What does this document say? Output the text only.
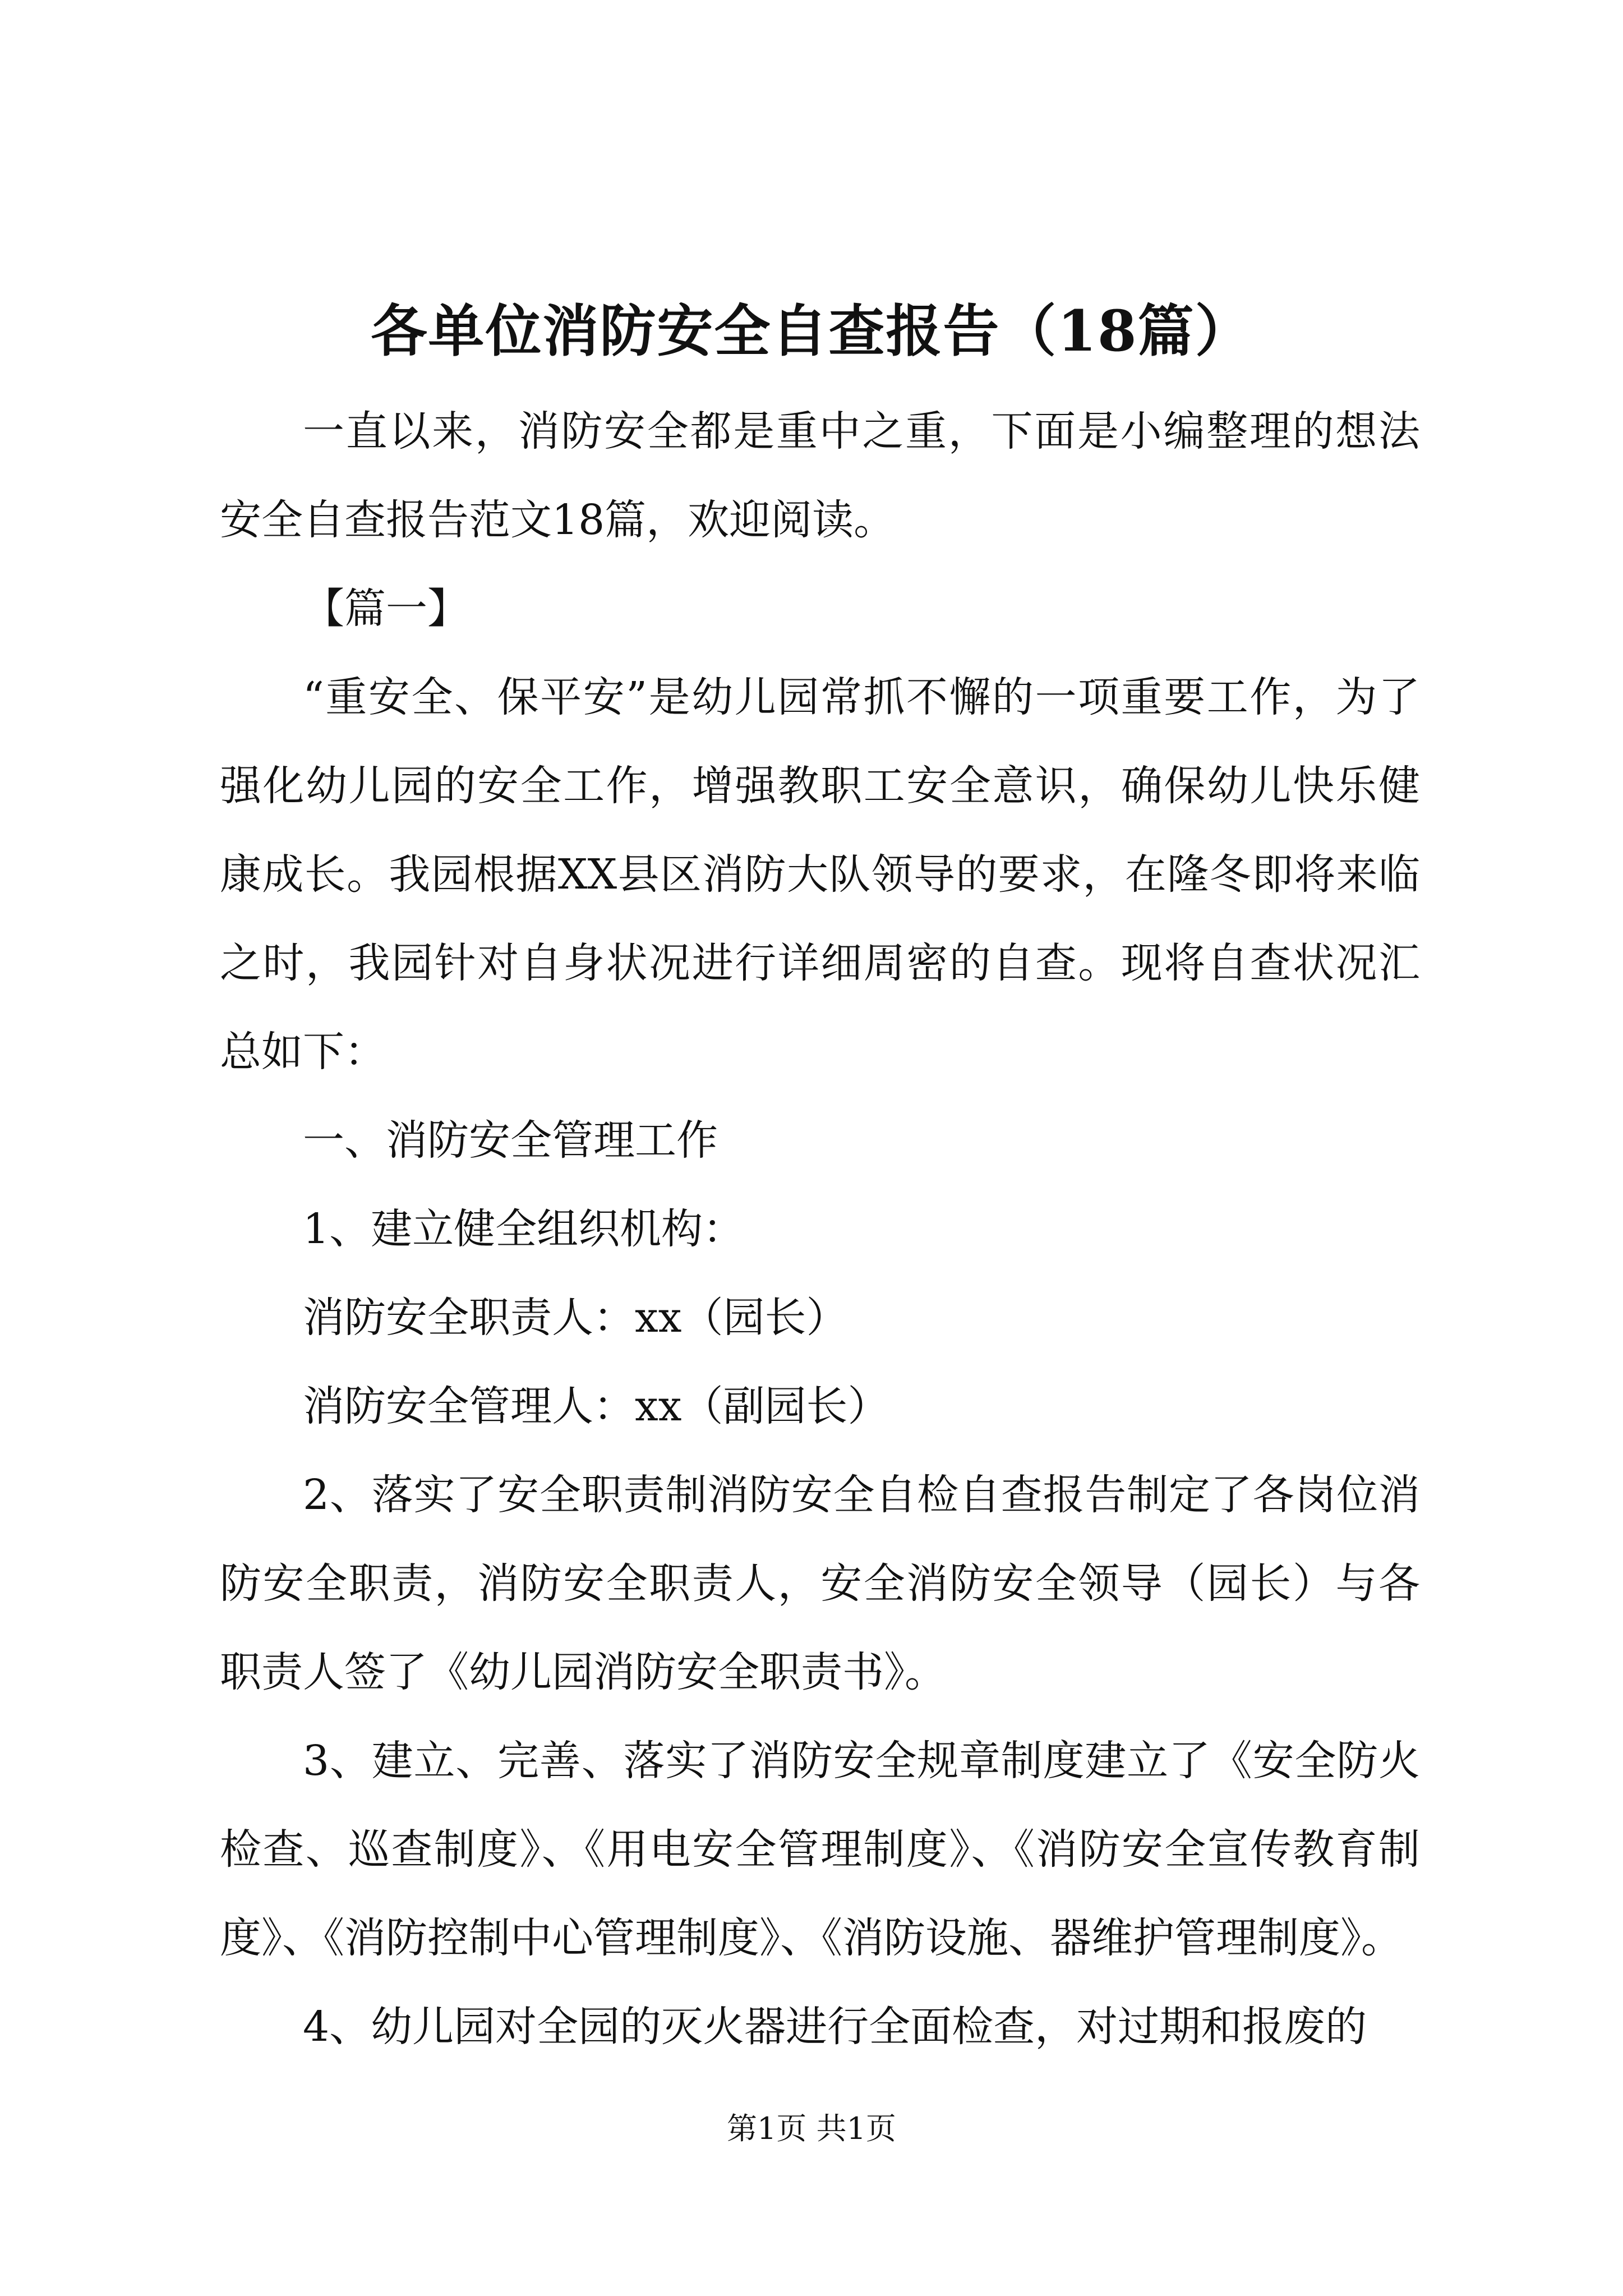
各单位消防安全自查报告（18篇）

一直以来，消防安全都是重中之重，下面是小编整理的想法安全自查报告范文18篇，欢迎阅读。

【篇一】

“重安全、保平安”是幼儿园常抓不懈的一项重要工作，为了强化幼儿园的安全工作，增强教职工安全意识，确保幼儿快乐健康成长。我园根据XX县区消防大队领导的要求，在隆冬即将来临之时，我园针对自身状况进行详细周密的自查。现将自查状况汇总如下：

一、消防安全管理工作

1、建立健全组织机构：

消防安全职责人：xx（园长）

消防安全管理人：xx（副园长）

2、落实了安全职责制消防安全自检自查报告制定了各岗位消防安全职责，消防安全职责人，安全消防安全领导（园长）与各职责人签了《幼儿园消防安全职责书》。

3、建立、完善、落实了消防安全规章制度建立了《安全防火检查、巡查制度》、《用电安全管理制度》、《消防安全宣传教育制度》、《消防控制中心管理制度》、《消防设施、器维护管理制度》。

4、幼儿园对全园的灭火器进行全面检查，对过期和报废的

第1页 共1页
